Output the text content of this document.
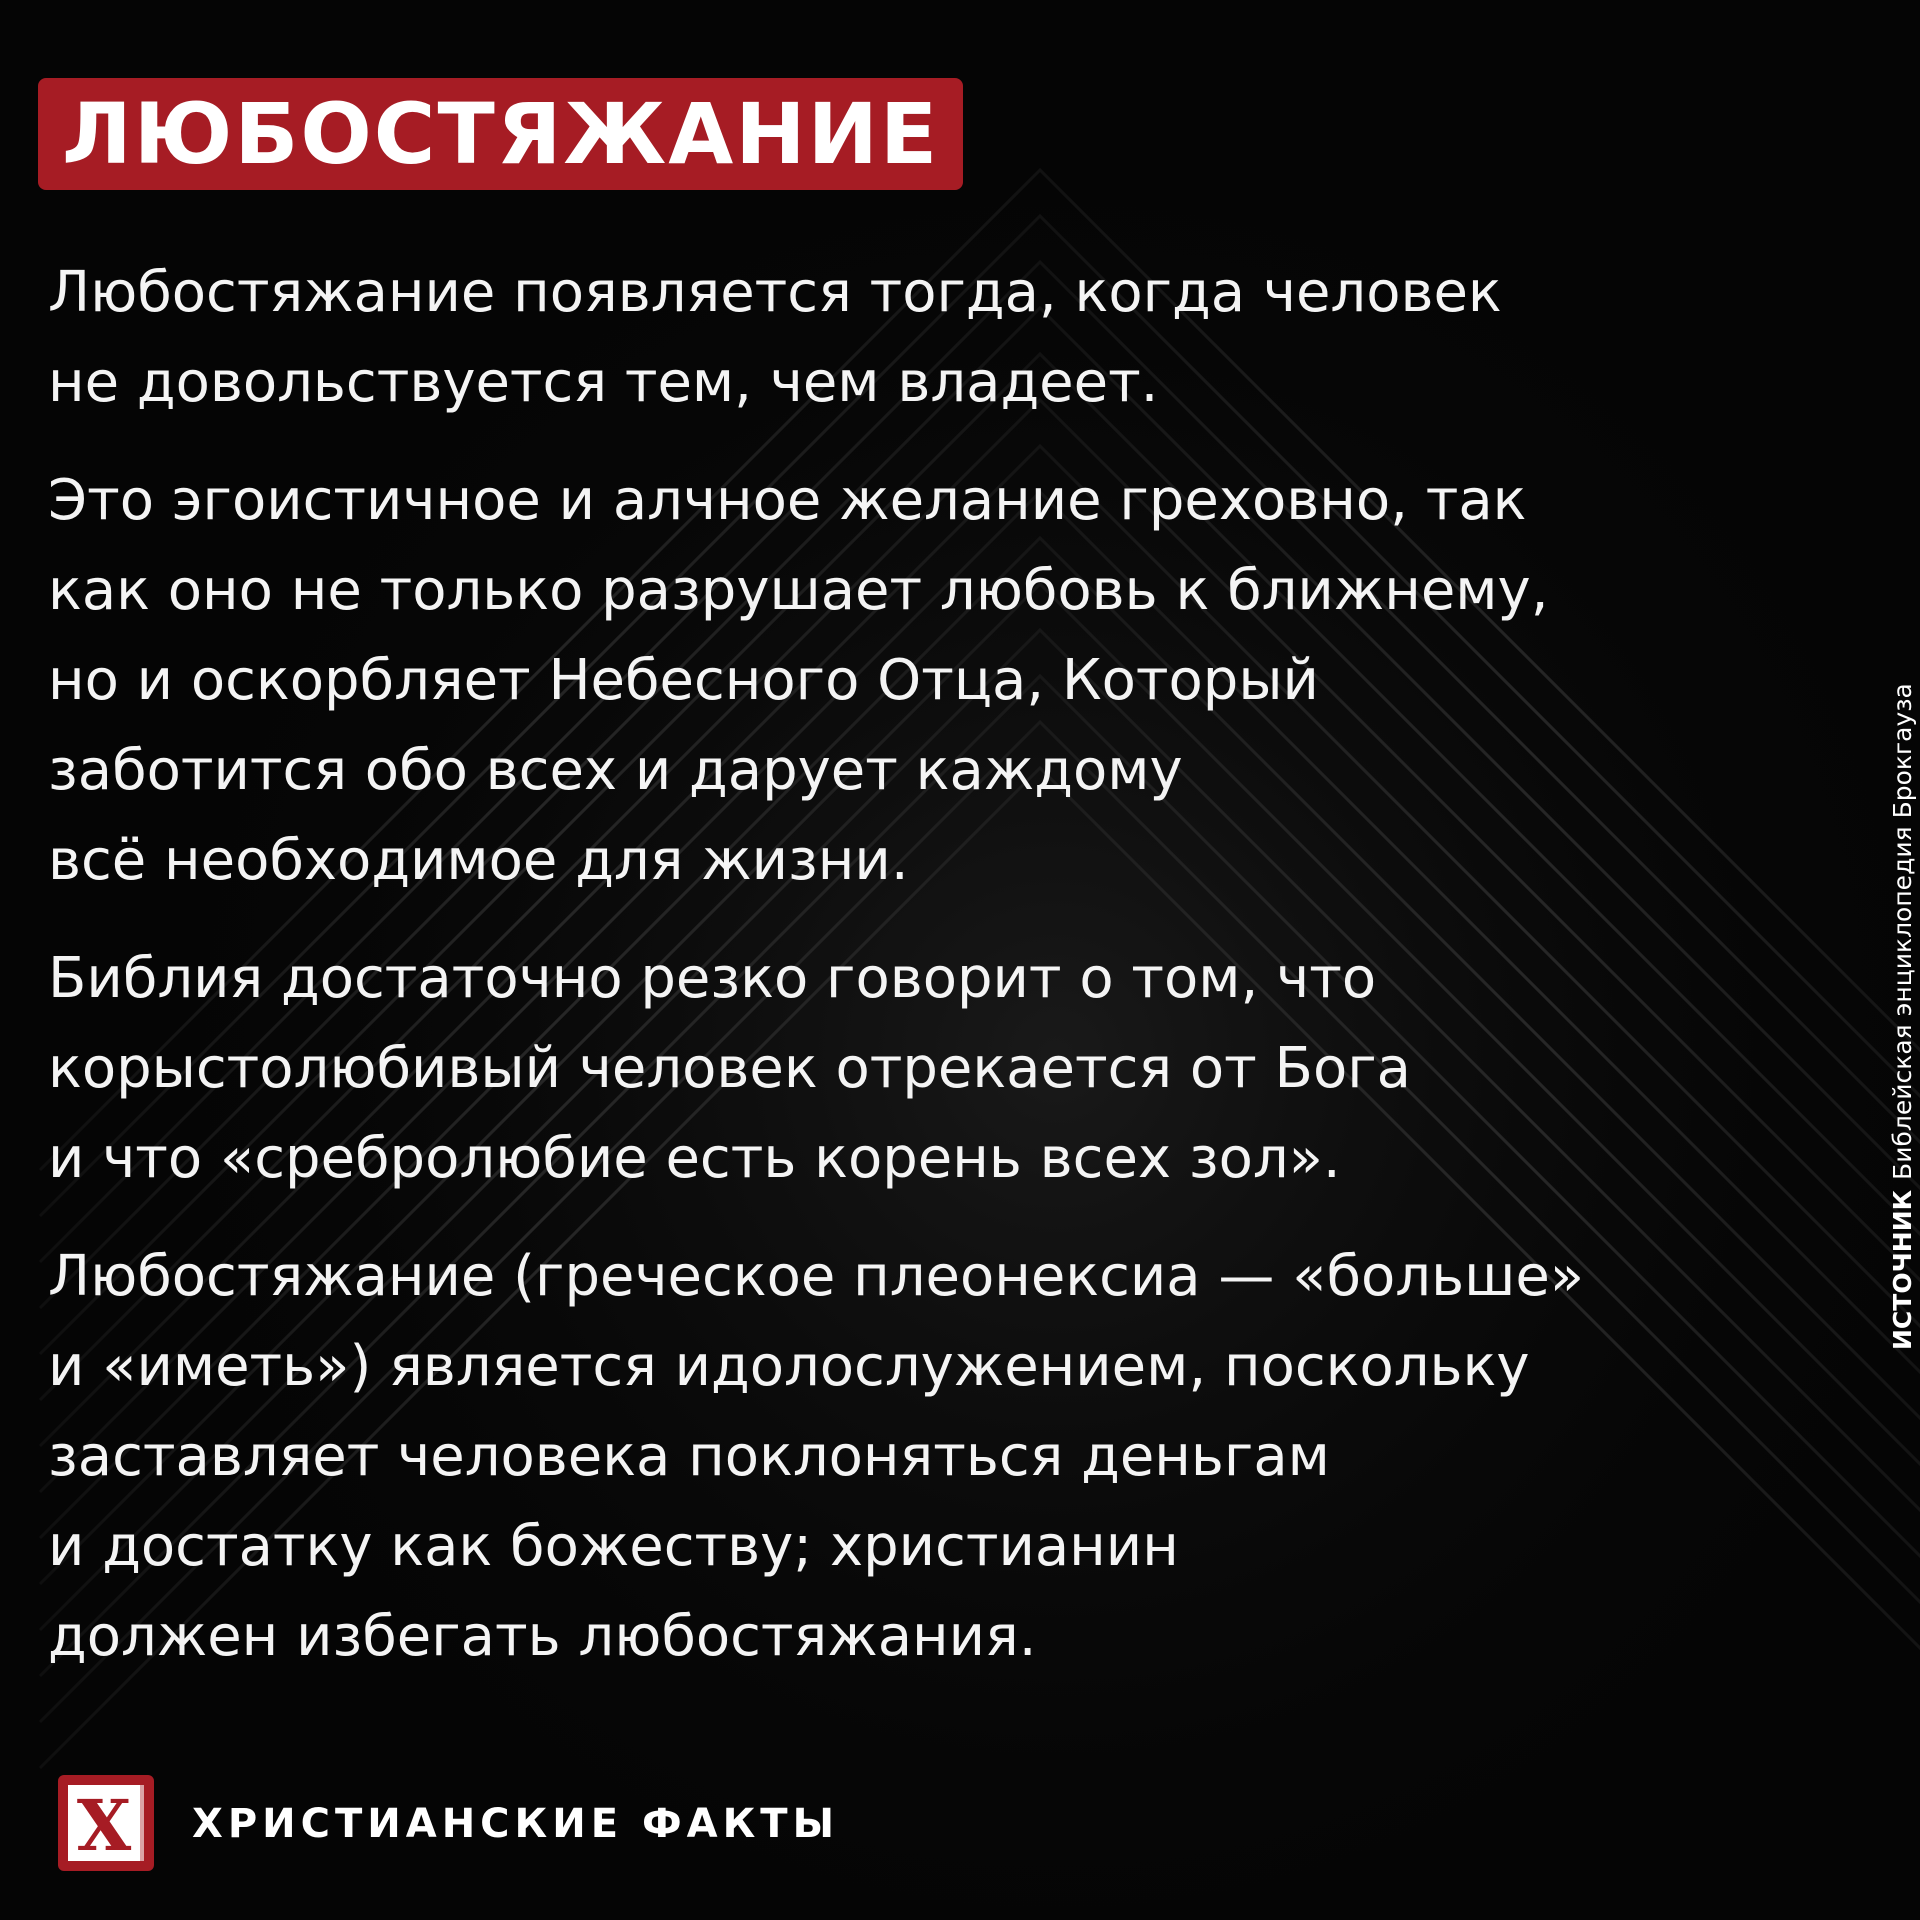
ЛЮБОСТЯЖАНИЕ

Любостяжание появляется тогда, когда человек
не довольствуется тем, чем владеет.

Это эгоистичное и алчное желание греховно, так
как оно не только разрушает любовь к ближнему,
но и оскорбляет Небесного Отца, Который
заботится обо всех и дарует каждому
всё необходимое для жизни.

Библия достаточно резко говорит о том, что
корыстолюбивый человек отрекается от Бога
и что «сребролюбие есть корень всех зол».

Любостяжание (греческое плеонексиа — «больше»
и «иметь») является идолослужением, поскольку
заставляет человека поклоняться деньгам
и достатку как божеству; христианин
должен избегать любостяжания.

ИСТОЧНИКБиблейская энциклопедия Брокгауза
X ХРИСТИАНСКИЕ ФАКТЫ
